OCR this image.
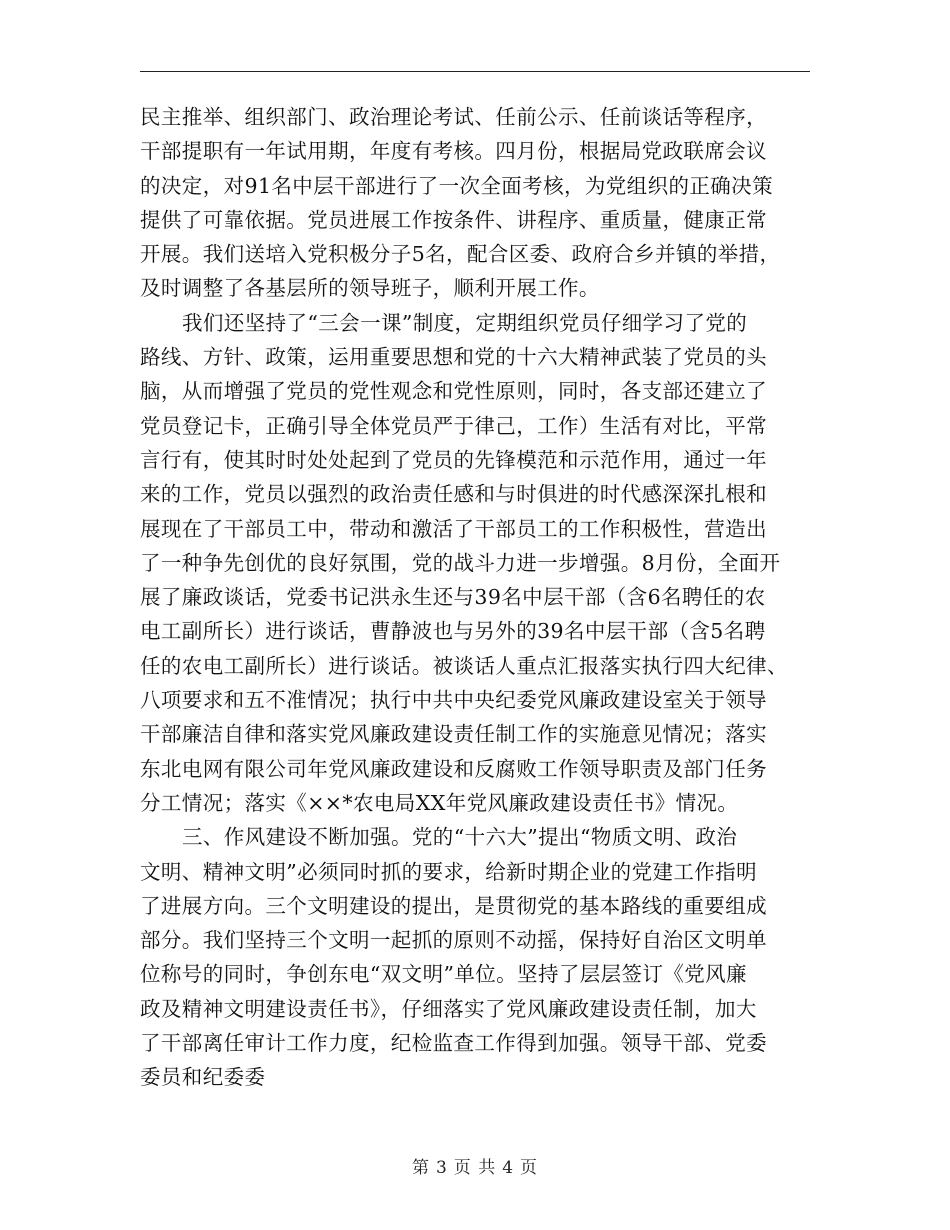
民主推举、组织部门、政治理论考试、任前公示、任前谈话等程序，
干部提职有一年试用期，年度有考核。四月份，根据局党政联席会议
的决定，对91名中层干部进行了一次全面考核，为党组织的正确决策
提供了可靠依据。党员进展工作按条件、讲程序、重质量，健康正常
开展。我们送培入党积极分子5名，配合区委、政府合乡并镇的举措，
及时调整了各基层所的领导班子，顺利开展工作。
我们还坚持了“三会一课”制度，定期组织党员仔细学习了党的
路线、方针、政策，运用重要思想和党的十六大精神武装了党员的头
脑，从而增强了党员的党性观念和党性原则，同时，各支部还建立了
党员登记卡，正确引导全体党员严于律己，工作）生活有对比，平常
言行有，使其时时处处起到了党员的先锋模范和示范作用，通过一年
来的工作，党员以强烈的政治责任感和与时俱进的时代感深深扎根和
展现在了干部员工中，带动和激活了干部员工的工作积极性，营造出
了一种争先创优的良好氛围，党的战斗力进一步增强。8月份，全面开
展了廉政谈话，党委书记洪永生还与39名中层干部（含6名聘任的农
电工副所长）进行谈话，曹静波也与另外的39名中层干部（含5名聘
任的农电工副所长）进行谈话。被谈话人重点汇报落实执行四大纪律、
八项要求和五不准情况；执行中共中央纪委党风廉政建设室关于领导
干部廉洁自律和落实党风廉政建设责任制工作的实施意见情况；落实
东北电网有限公司年党风廉政建设和反腐败工作领导职责及部门任务
分工情况；落实《××*农电局XX年党风廉政建设责任书》情况。
三、作风建设不断加强。党的“十六大”提出“物质文明、政治
文明、精神文明”必须同时抓的要求，给新时期企业的党建工作指明
了进展方向。三个文明建设的提出，是贯彻党的基本路线的重要组成
部分。我们坚持三个文明一起抓的原则不动摇，保持好自治区文明单
位称号的同时，争创东电“双文明”单位。坚持了层层签订《党风廉
政及精神文明建设责任书》，仔细落实了党风廉政建设责任制，加大
了干部离任审计工作力度，纪检监查工作得到加强。领导干部、党委
委员和纪委委
第 3 页 共 4 页
